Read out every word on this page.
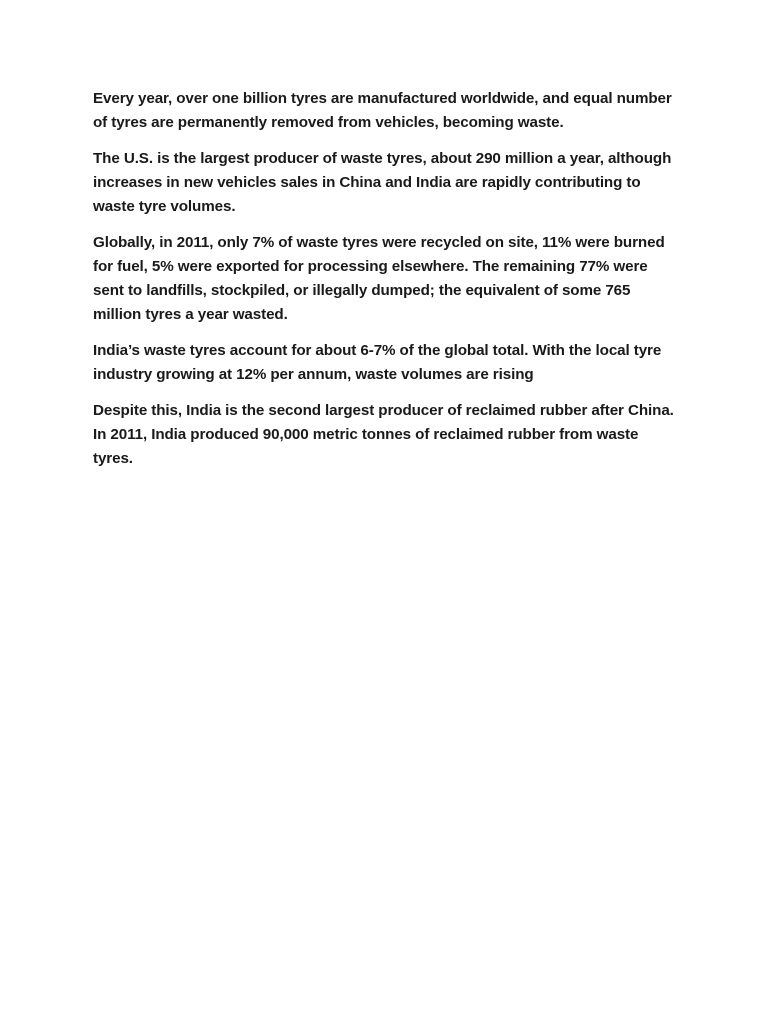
Every year, over one billion tyres are manufactured worldwide, and equal number of tyres are permanently removed from vehicles, becoming waste.

The U.S. is the largest producer of waste tyres, about 290 million a year, although increases in new vehicles sales in China and India are rapidly contributing to waste tyre volumes.

Globally, in 2011, only 7% of waste tyres were recycled on site, 11% were burned for fuel, 5% were exported for processing elsewhere. The remaining 77% were sent to landfills, stockpiled, or illegally dumped; the equivalent of some 765 million tyres a year wasted.

India’s waste tyres account for about 6-7% of the global total. With the local tyre industry growing at 12% per annum, waste volumes are rising

Despite this, India is the second largest producer of reclaimed rubber after China. In 2011, India produced 90,000 metric tonnes of reclaimed rubber from waste tyres.
